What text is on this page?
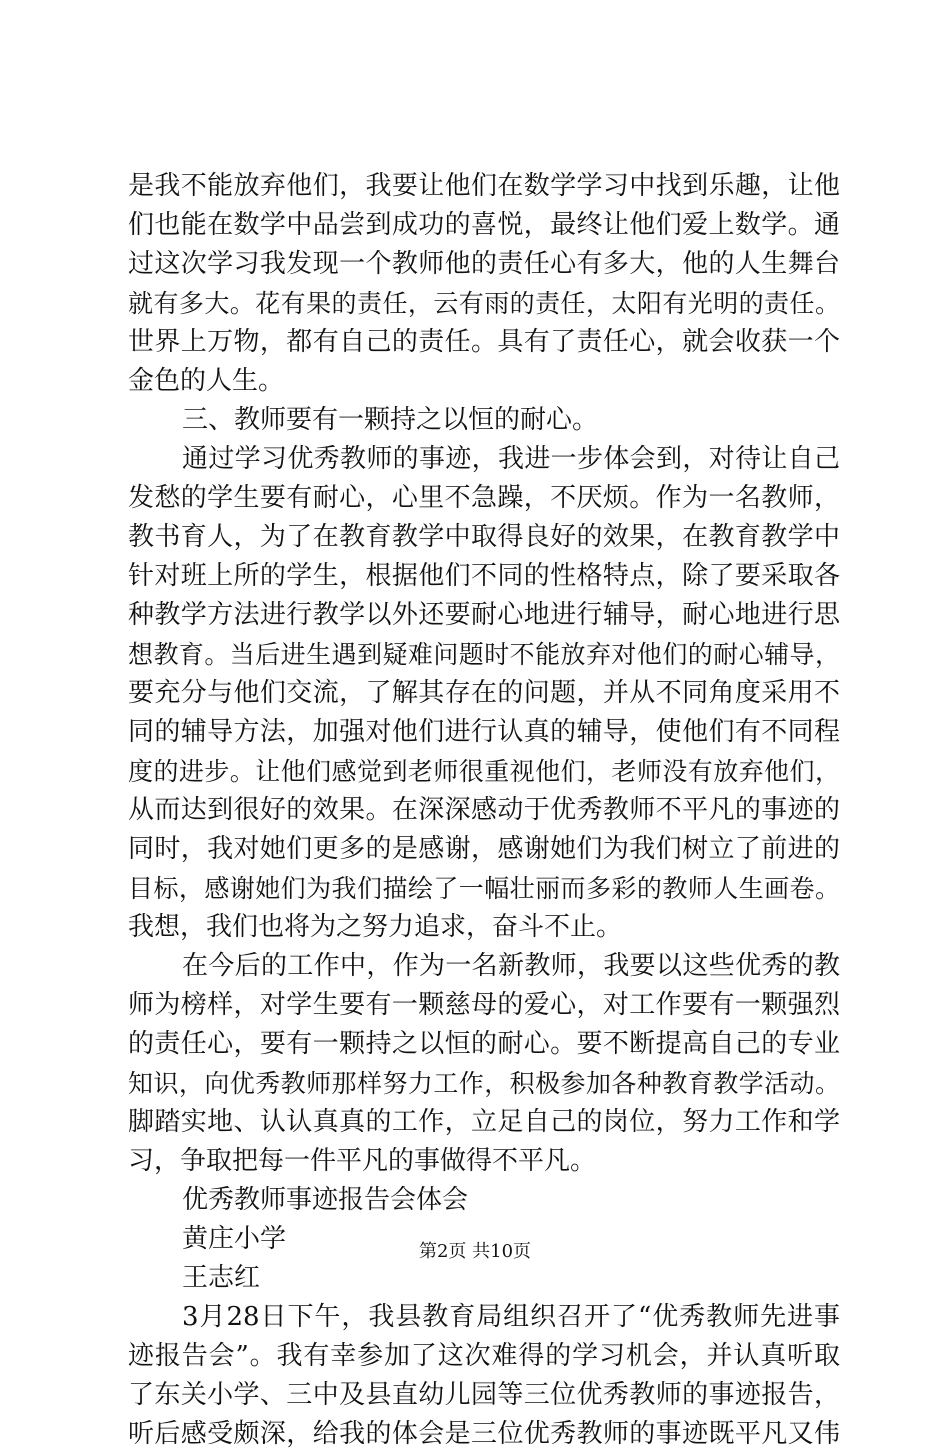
是我不能放弃他们，我要让他们在数学学习中找到乐趣，让他
们也能在数学中品尝到成功的喜悦，最终让他们爱上数学。通
过这次学习我发现一个教师他的责任心有多大，他的人生舞台
就有多大。花有果的责任，云有雨的责任，太阳有光明的责任。
世界上万物，都有自己的责任。具有了责任心，就会收获一个
金色的人生。
三、教师要有一颗持之以恒的耐心。
通过学习优秀教师的事迹，我进一步体会到，对待让自己
发愁的学生要有耐心，心里不急躁，不厌烦。作为一名教师，
教书育人，为了在教育教学中取得良好的效果，在教育教学中
针对班上所的学生，根据他们不同的性格特点，除了要采取各
种教学方法进行教学以外还要耐心地进行辅导，耐心地进行思
想教育。当后进生遇到疑难问题时不能放弃对他们的耐心辅导，
要充分与他们交流，了解其存在的问题，并从不同角度采用不
同的辅导方法，加强对他们进行认真的辅导，使他们有不同程
度的进步。让他们感觉到老师很重视他们，老师没有放弃他们，
从而达到很好的效果。在深深感动于优秀教师不平凡的事迹的
同时，我对她们更多的是感谢，感谢她们为我们树立了前进的
目标，感谢她们为我们描绘了一幅壮丽而多彩的教师人生画卷。
我想，我们也将为之努力追求，奋斗不止。
在今后的工作中，作为一名新教师，我要以这些优秀的教
师为榜样，对学生要有一颗慈母的爱心，对工作要有一颗强烈
的责任心，要有一颗持之以恒的耐心。要不断提高自己的专业
知识，向优秀教师那样努力工作，积极参加各种教育教学活动。
脚踏实地、认认真真的工作，立足自己的岗位，努力工作和学
习，争取把每一件平凡的事做得不平凡。
优秀教师事迹报告会体会
黄庄小学
王志红
3月28日下午，我县教育局组织召开了“优秀教师先进事
迹报告会”。我有幸参加了这次难得的学习机会，并认真听取
了东关小学、三中及县直幼儿园等三位优秀教师的事迹报告，
听后感受颇深，给我的体会是三位优秀教师的事迹既平凡又伟
第2页 共10页
